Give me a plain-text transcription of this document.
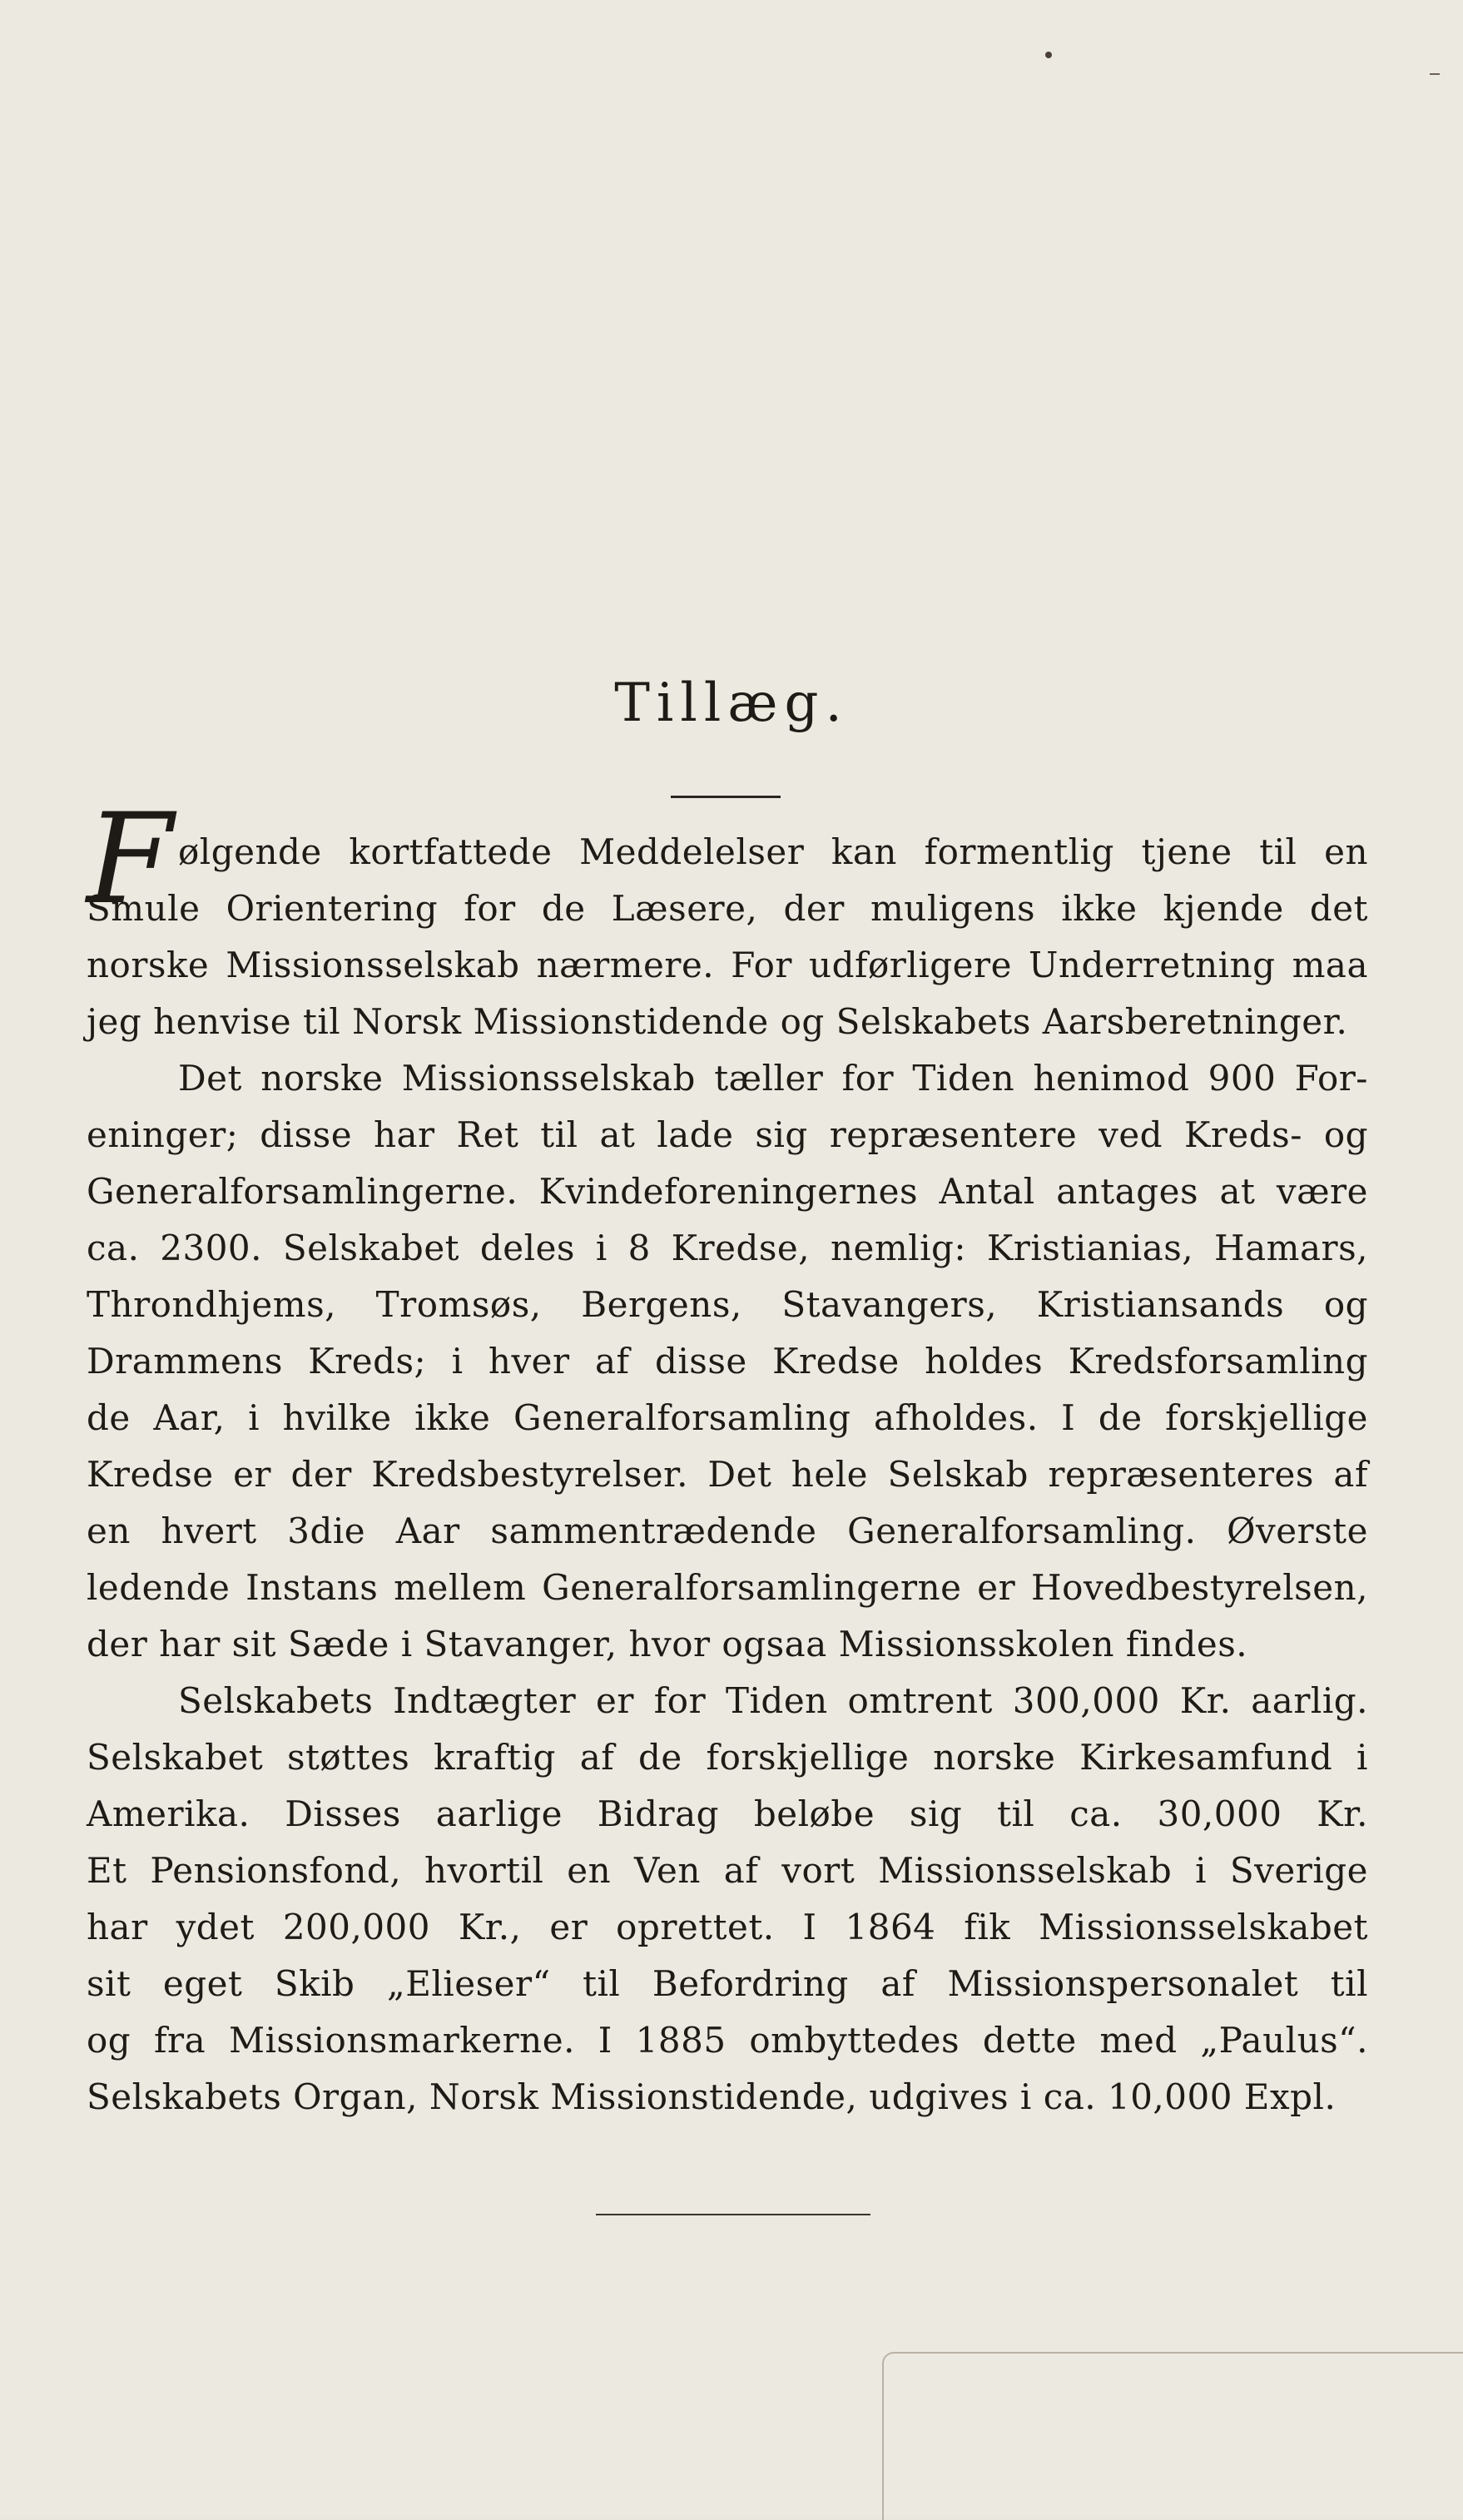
Tillæg.
F ølgende kortfattede Meddelelser kan formentlig tjene til en
Smule Orientering for de Læsere, der muligens ikke kjende det
norske Missionsselskab nærmere. For udførligere Underretning maa
jeg henvise til Norsk Missionstidende og Selskabets Aarsberetninger.
Det norske Missionsselskab tæller for Tiden henimod 900 For-
eninger; disse har Ret til at lade sig repræsentere ved Kreds- og
Generalforsamlingerne. Kvindeforeningernes Antal antages at være
ca. 2300. Selskabet deles i 8 Kredse, nemlig: Kristianias, Hamars,
Throndhjems, Tromsøs, Bergens, Stavangers, Kristiansands og
Drammens Kreds; i hver af disse Kredse holdes Kredsforsamling
de Aar, i hvilke ikke Generalforsamling afholdes. I de forskjellige
Kredse er der Kredsbestyrelser. Det hele Selskab repræsenteres af
en hvert 3die Aar sammentrædende Generalforsamling. Øverste
ledende Instans mellem Generalforsamlingerne er Hovedbestyrelsen,
der har sit Sæde i Stavanger, hvor ogsaa Missionsskolen findes.
Selskabets Indtægter er for Tiden omtrent 300,000 Kr. aarlig.
Selskabet støttes kraftig af de forskjellige norske Kirkesamfund i
Amerika. Disses aarlige Bidrag beløbe sig til ca. 30,000 Kr.
Et Pensionsfond, hvortil en Ven af vort Missionsselskab i Sverige
har ydet 200,000 Kr., er oprettet. I 1864 fik Missionsselskabet
sit eget Skib „Elieser“ til Befordring af Missionspersonalet til
og fra Missionsmarkerne. I 1885 ombyttedes dette med „Paulus“.
Selskabets Organ, Norsk Missionstidende, udgives i ca. 10,000 Expl.
